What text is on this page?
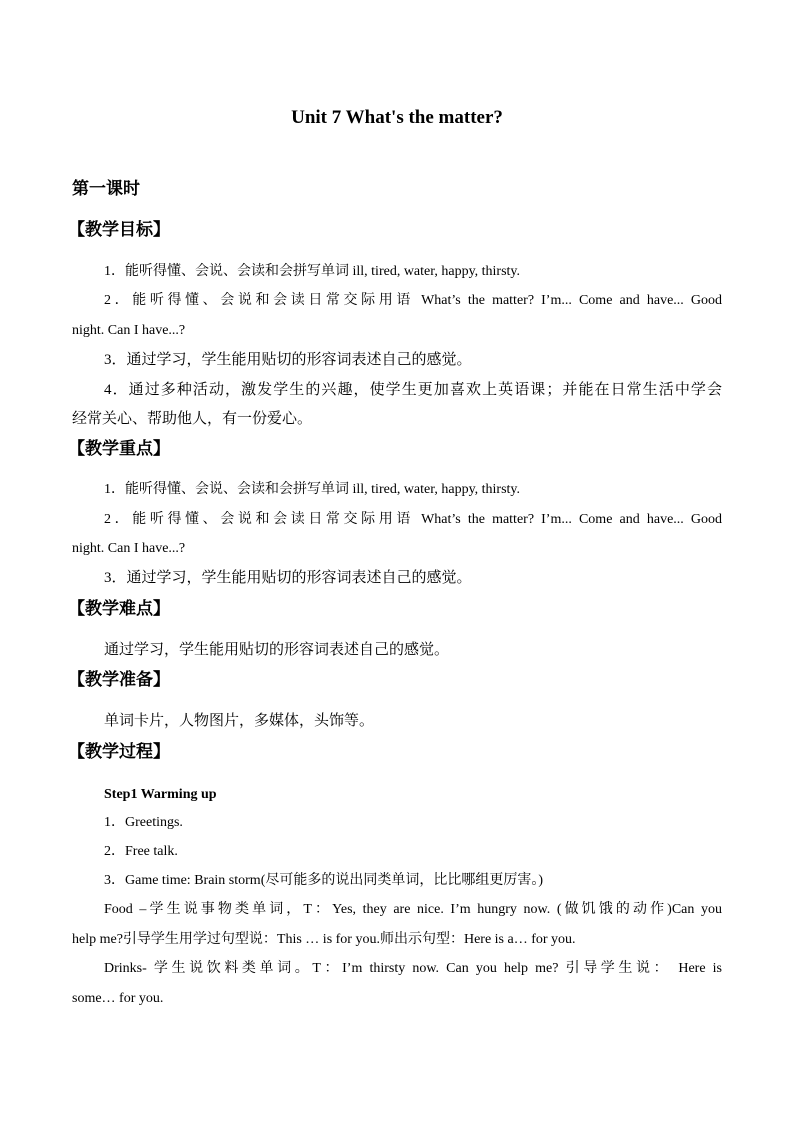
Unit 7 What's the matter?
第一课时
【教学目标】
1．能听得懂、会说、会读和会拼写单词 ill, tired, water, happy, thirsty.
2．能听得懂、会说和会读日常交际用语 What’s the matter? I’m... Come and have... Good
night. Can I have...?
3．通过学习，学生能用贴切的形容词表述自己的感觉。
4．通过多种活动，激发学生的兴趣，使学生更加喜欢上英语课；并能在日常生活中学会
经常关心、帮助他人，有一份爱心。
【教学重点】
1．能听得懂、会说、会读和会拼写单词 ill, tired, water, happy, thirsty.
2．能听得懂、会说和会读日常交际用语 What’s the matter? I’m... Come and have... Good
night. Can I have...?
3．通过学习，学生能用贴切的形容词表述自己的感觉。
【教学难点】
通过学习，学生能用贴切的形容词表述自己的感觉。
【教学准备】
单词卡片，人物图片，多媒体，头饰等。
【教学过程】
Step1 Warming up
1．Greetings.
2．Free talk.
3．Game time: Brain storm(尽可能多的说出同类单词，比比哪组更厉害。)
Food –学生说事物类单词，T：Yes, they are nice. I’m hungry now. (做饥饿的动作)Can you
help me?引导学生用学过句型说：This … is for you.师出示句型：Here is a… for you.
Drinks- 学生说饮料类单词。T：I’m thirsty now. Can you help me? 引导学生说： Here is
some… for you.
